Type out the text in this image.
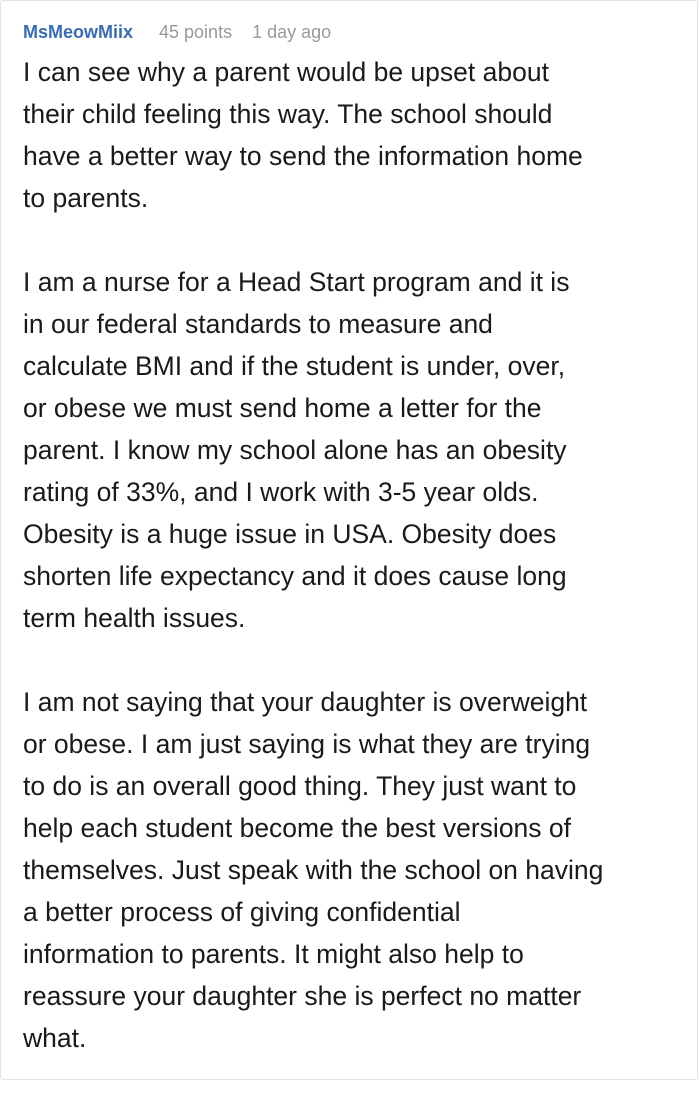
MsMeowMiix 45 points 1 day ago
I can see why a parent would be upset about
their child feeling this way. The school should
have a better way to send the information home
to parents.
I am a nurse for a Head Start program and it is
in our federal standards to measure and
calculate BMI and if the student is under, over,
or obese we must send home a letter for the
parent. I know my school alone has an obesity
rating of 33%, and I work with 3-5 year olds.
Obesity is a huge issue in USA. Obesity does
shorten life expectancy and it does cause long
term health issues.
I am not saying that your daughter is overweight
or obese. I am just saying is what they are trying
to do is an overall good thing. They just want to
help each student become the best versions of
themselves. Just speak with the school on having
a better process of giving confidential
information to parents. It might also help to
reassure your daughter she is perfect no matter
what.
